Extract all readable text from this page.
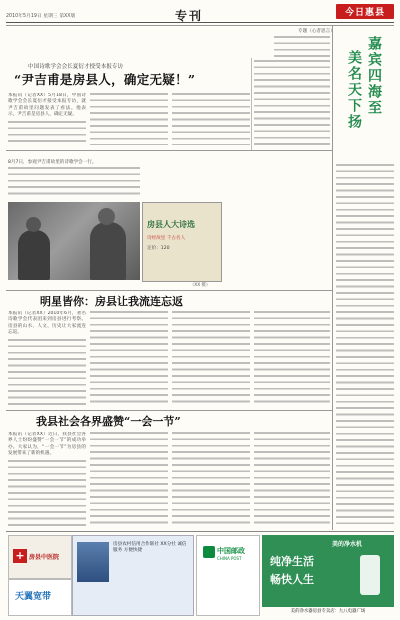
2010年5月19日 星期三 第XX版	专刊	今日惠县
中国诗歌学会会长夏衍才授受本报专访
“尹吉甫是房县人，确定无疑！”
本报讯（记者XX）5月18日，中国诗歌学会会长夏衍才接受本报专访，就尹吉甫故里问题发表了看法。他表示，尹吉甫是房县人，确定无疑。
8月7日，参观尹吉甫故里的诗歌学会一行。
房县人大诗选
诗经故里 千古名人
定价：120
（XX 摄）
明星皆你：房县让我流连忘返
本报讯（记者XX）2010年6月，著名诗歌学会代表团来到房县进行考察。房县的山水、人文、历史让大家流连忘返。
我县社会各界盛赞“一会一节”
本报讯（记者XX）近日，我县社会各界人士纷纷盛赞“一会一节”的成功举办。大家认为，“一会一节”为房县的发展带来了新的机遇。
专题（心者思言）
嘉宾四海至
美名天下扬
+ 房县中医院
天翼宽带
房县农村信用合作联社 XX分社 诚信服务 方便快捷	中国邮政
CHINA POST
美的净水机
纯净生活
畅快人生
美的净水器房县专卖店：九八电器广场
